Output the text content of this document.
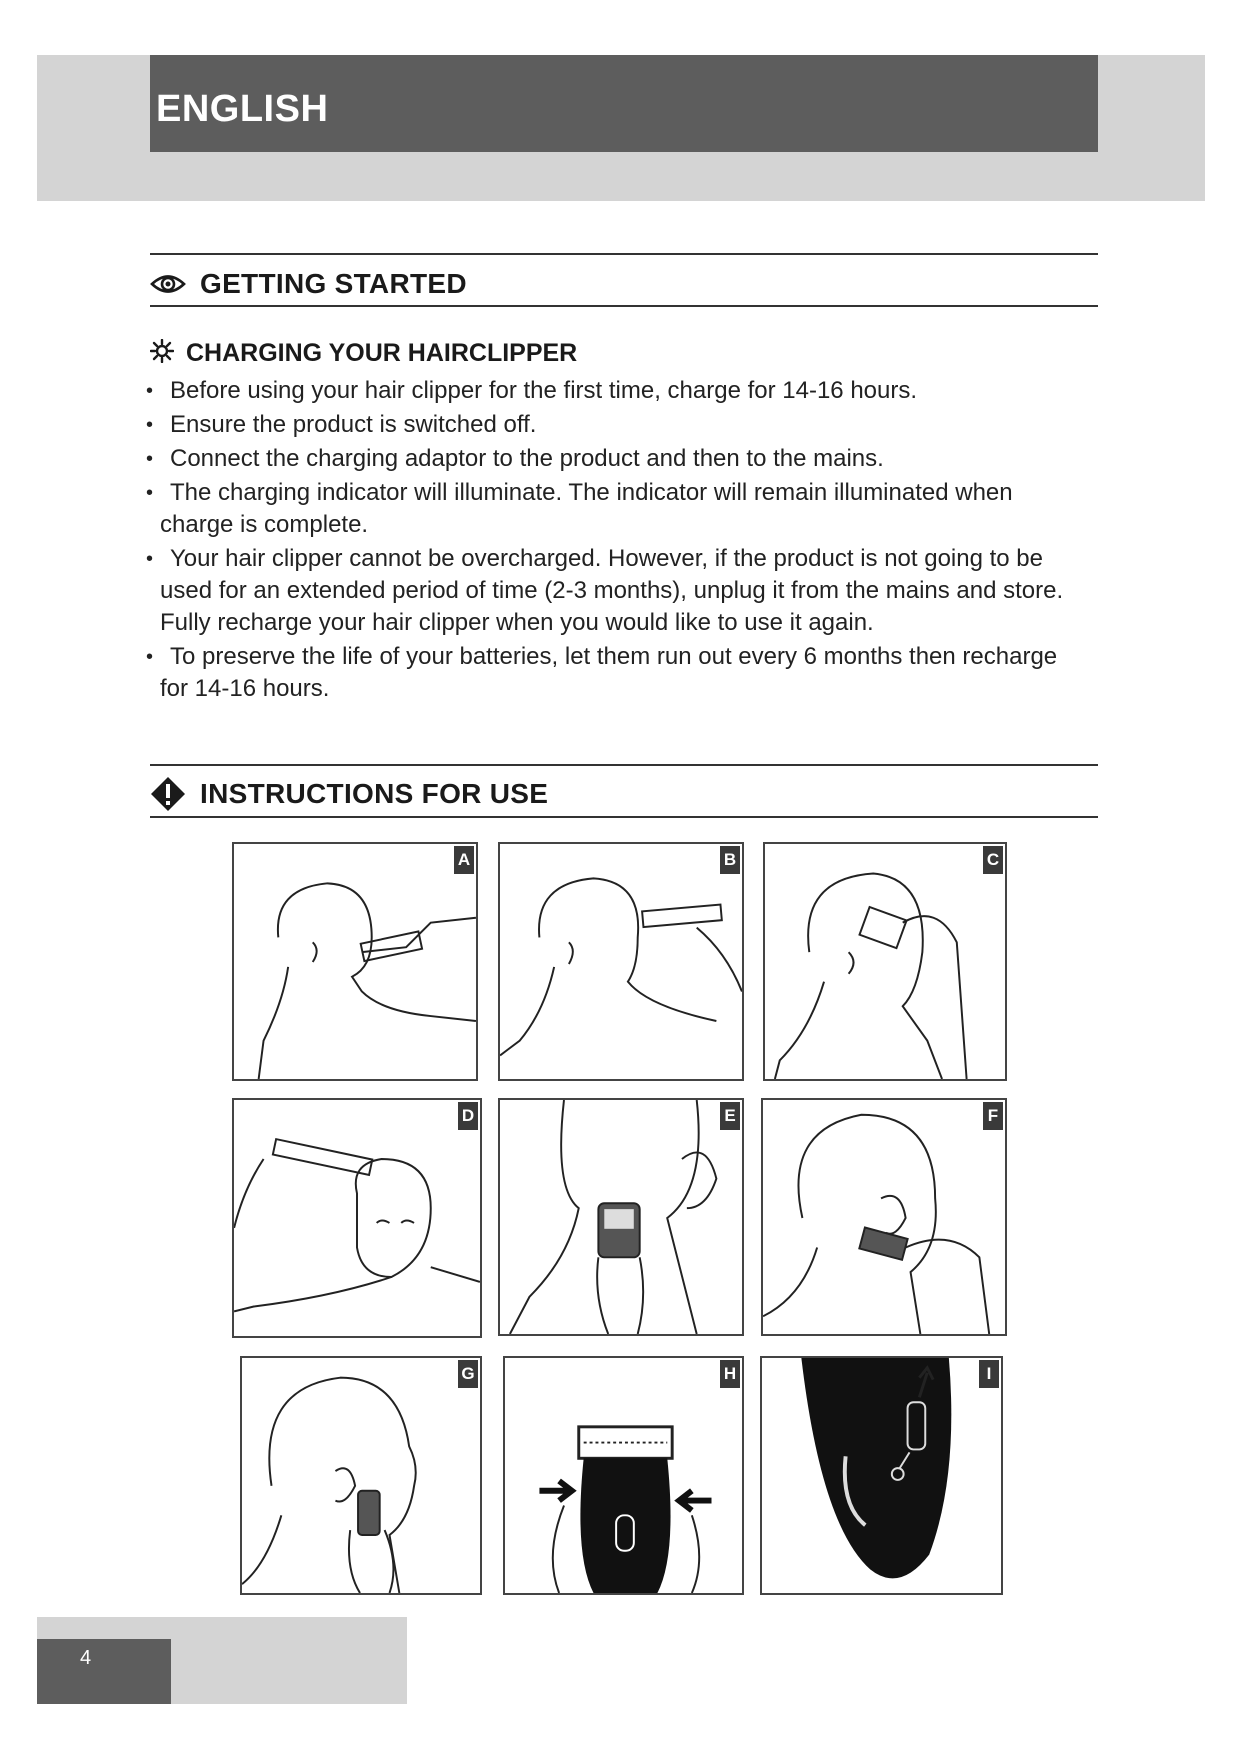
ENGLISH
GETTING STARTED
CHARGING YOUR HAIRCLIPPER
• Before using your hair clipper for the first time, charge for 14-16 hours.
• Ensure the product is switched off.
• Connect the charging adaptor to the product and then to the mains.
• The charging indicator will illuminate. The indicator will remain illuminated when charge is complete.
• Your hair clipper cannot be overcharged. However, if the product is not going to be used for an extended period of time (2-3 months), unplug it from the mains and store. Fully recharge your hair clipper when you would like to use it again.
• To preserve the life of your batteries, let them run out every 6 months then recharge for 14-16 hours.
INSTRUCTIONS FOR USE
A	B	C
D	E	F
G	H	I
4
